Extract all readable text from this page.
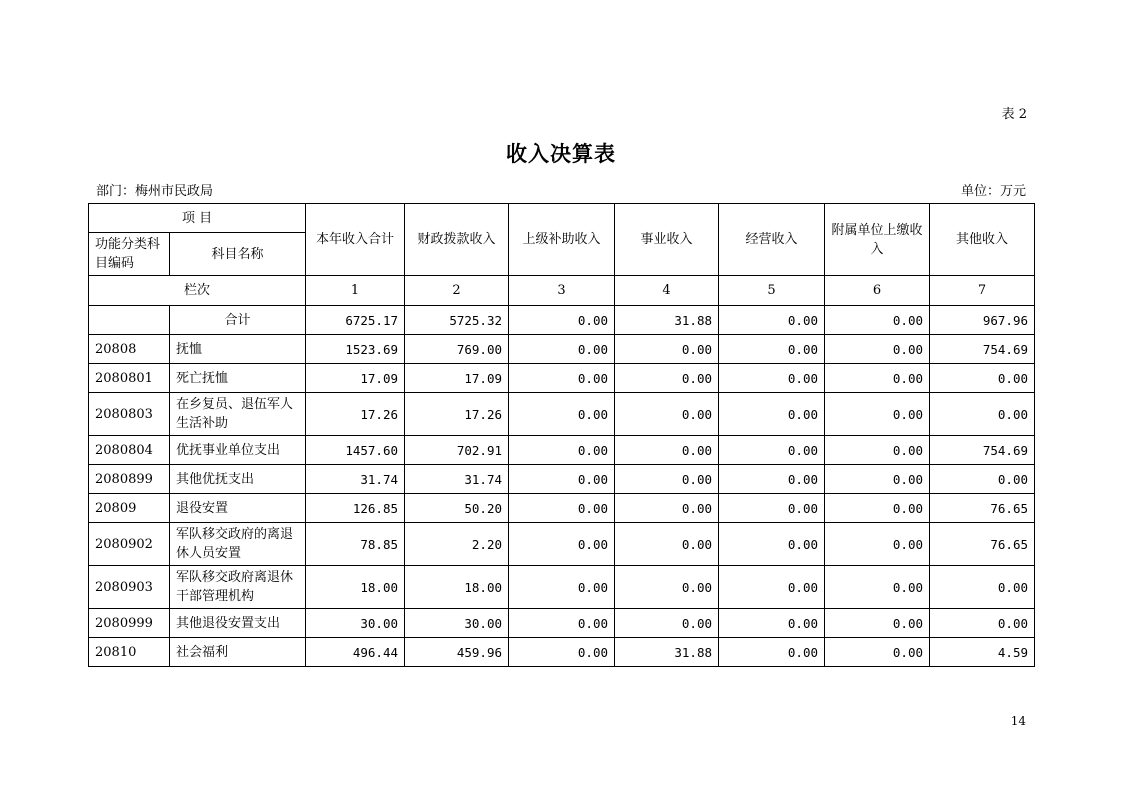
表 2
收入决算表
部门：梅州市民政局	单位：万元
项 目		本年收入合计	财政拨款收入	上级补助收入	事业收入	经营收入	附属单位上缴收入	其他收入
功能分类科目编码	科目名称							
栏次		1	2	3	4	5	6	7
	合计	6725.17	5725.32	0.00	31.88	0.00	0.00	967.96
20808	抚恤	1523.69	769.00	0.00	0.00	0.00	0.00	754.69
2080801	死亡抚恤	17.09	17.09	0.00	0.00	0.00	0.00	0.00
2080803	在乡复员、退伍军人生活补助	17.26	17.26	0.00	0.00	0.00	0.00	0.00
2080804	优抚事业单位支出	1457.60	702.91	0.00	0.00	0.00	0.00	754.69
2080899	其他优抚支出	31.74	31.74	0.00	0.00	0.00	0.00	0.00
20809	退役安置	126.85	50.20	0.00	0.00	0.00	0.00	76.65
2080902	军队移交政府的离退休人员安置	78.85	2.20	0.00	0.00	0.00	0.00	76.65
2080903	军队移交政府离退休干部管理机构	18.00	18.00	0.00	0.00	0.00	0.00	0.00
2080999	其他退役安置支出	30.00	30.00	0.00	0.00	0.00	0.00	0.00
20810	社会福利	496.44	459.96	0.00	31.88	0.00	0.00	4.59
14
